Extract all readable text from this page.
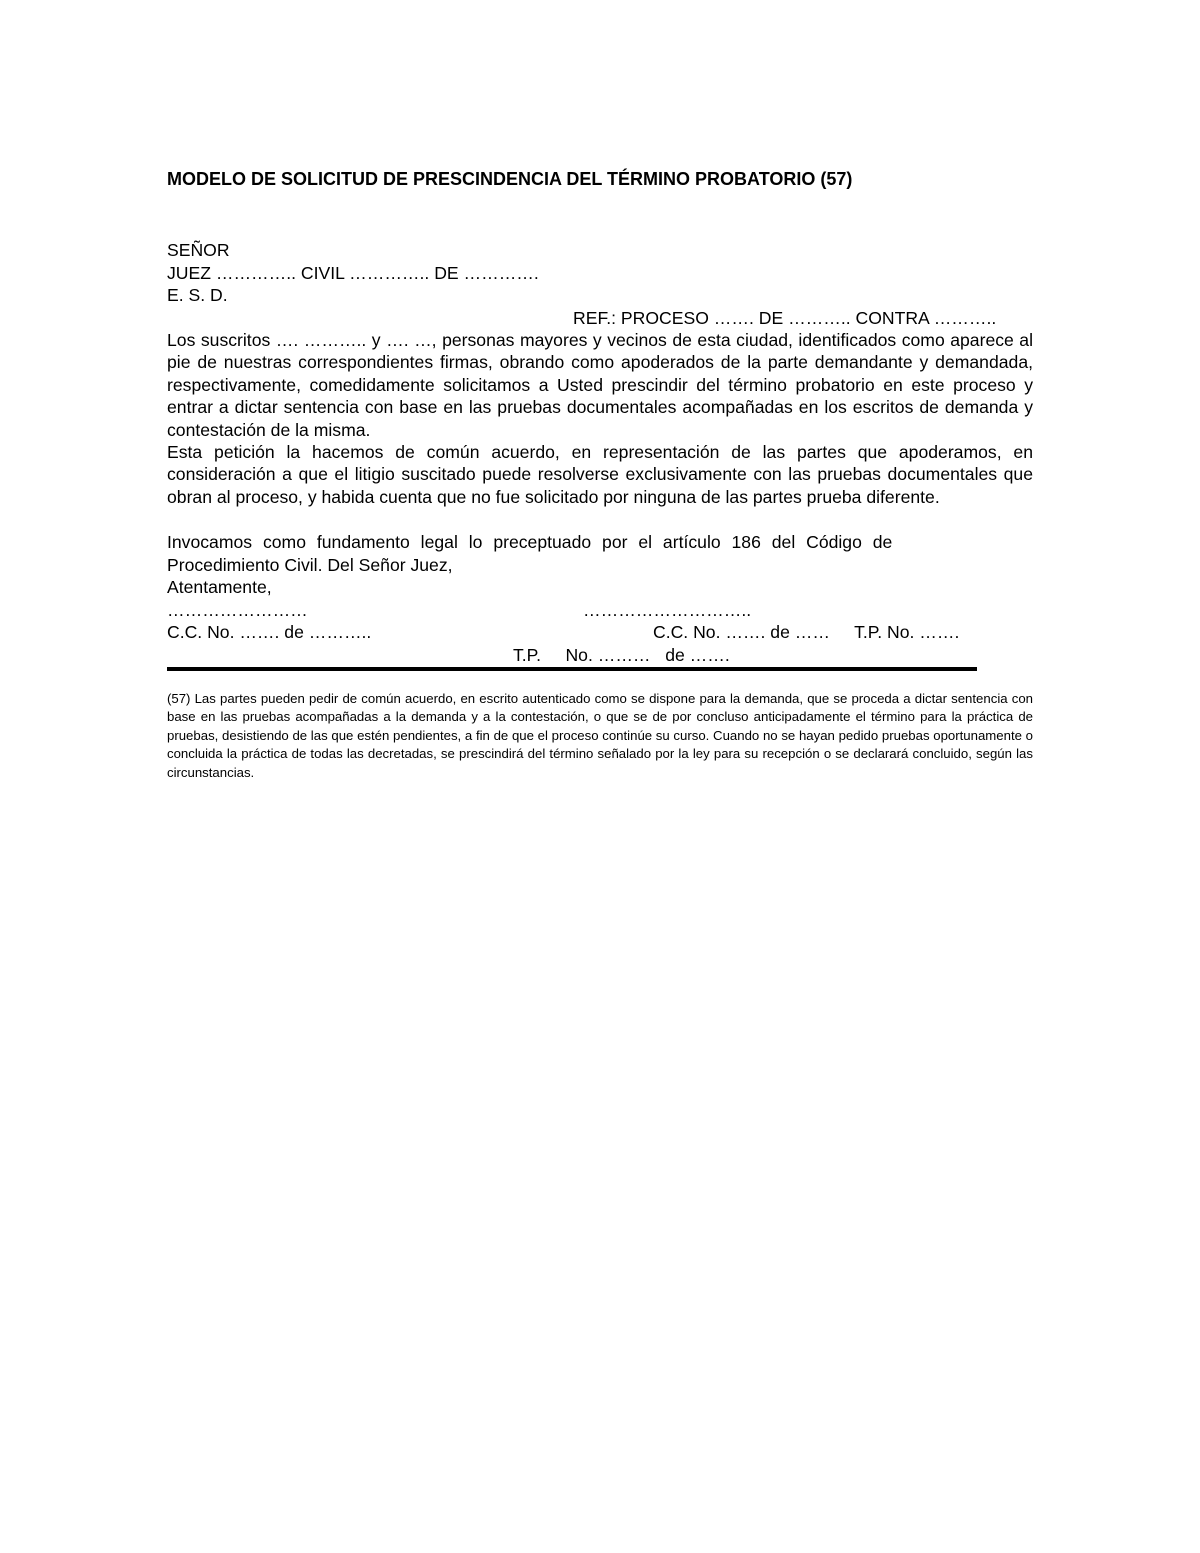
MODELO DE SOLICITUD DE PRESCINDENCIA DEL TÉRMINO PROBATORIO (57)
SEÑOR
JUEZ ………….. CIVIL ………….. DE ………….
E. S. D.
REF.: PROCESO ……. DE ……….. CONTRA ………..

Los suscritos …. ……….. y …. …, personas mayores y vecinos de esta ciudad, identificados como aparece al pie de nuestras correspondientes firmas, obrando como apoderados de la parte demandante y demandada, respectivamente, comedidamente solicitamos a Usted prescindir del término probatorio en este proceso y entrar a dictar sentencia con base en las pruebas documentales acompañadas en los escritos de demanda y contestación de la misma.

Esta petición la hacemos de común acuerdo, en representación de las partes que apoderamos, en consideración a que el litigio suscitado puede resolverse exclusivamente con las pruebas documentales que obran al proceso, y habida cuenta que no fue solicitado por ninguna de las partes prueba diferente.

Invocamos como fundamento legal lo preceptuado por el artículo 186 del Código de
Procedimiento Civil. Del Señor Juez,
Atentamente,
……………………	………………………..
C.C. No. ……. de ………..	C.C. No. ……. de ……     T.P. No. …….
T.P.     No. ………   de …….

(57) Las partes pueden pedir de común acuerdo, en escrito autenticado como se dispone para la demanda, que se proceda a dictar sentencia con base en las pruebas acompañadas a la demanda y a la contestación, o que se de por concluso anticipadamente el término para la práctica de pruebas, desistiendo de las que estén pendientes, a fin de que el proceso continúe su curso. Cuando no se hayan pedido pruebas oportunamente o concluida la práctica de todas las decretadas, se prescindirá del término señalado por la ley para su recepción o se declarará concluido, según las circunstancias.
